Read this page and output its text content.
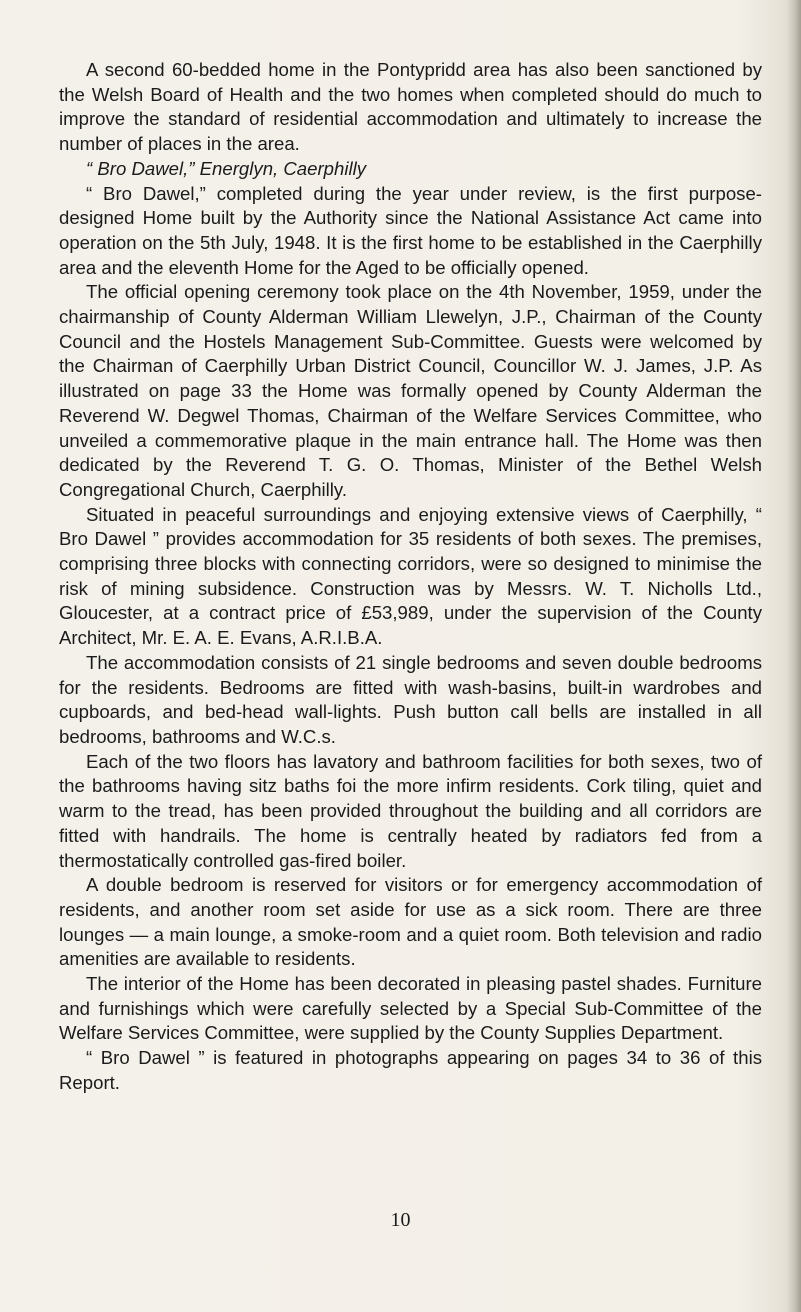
A second 60-bedded home in the Pontypridd area has also been sanctioned by the Welsh Board of Health and the two homes when completed should do much to improve the standard of residential accommodation and ultimately to increase the number of places in the area.

“ Bro Dawel,” Energlyn, Caerphilly

“ Bro Dawel,” completed during the year under review, is the first purpose-designed Home built by the Authority since the National Assistance Act came into operation on the 5th July, 1948. It is the first home to be established in the Caerphilly area and the eleventh Home for the Aged to be officially opened.

The official opening ceremony took place on the 4th November, 1959, under the chairmanship of County Alderman William Llewelyn, J.P., Chairman of the County Council and the Hostels Management Sub-Committee. Guests were welcomed by the Chairman of Caerphilly Urban District Council, Councillor W. J. James, J.P. As illustrated on page 33 the Home was formally opened by County Alderman the Reverend W. Degwel Thomas, Chairman of the Welfare Services Committee, who unveiled a commemorative plaque in the main entrance hall. The Home was then dedicated by the Reverend T. G. O. Thomas, Minister of the Bethel Welsh Congregational Church, Caerphilly.

Situated in peaceful surroundings and enjoying extensive views of Caerphilly, “ Bro Dawel ” provides accommodation for 35 residents of both sexes. The premises, comprising three blocks with connecting corridors, were so designed to minimise the risk of mining subsidence. Construction was by Messrs. W. T. Nicholls Ltd., Gloucester, at a contract price of £53,989, under the supervision of the County Architect, Mr. E. A. E. Evans, A.R.I.B.A.

The accommodation consists of 21 single bedrooms and seven double bedrooms for the residents. Bedrooms are fitted with wash-basins, built-in wardrobes and cupboards, and bed-head wall-lights. Push button call bells are installed in all bedrooms, bathrooms and W.C.s.

Each of the two floors has lavatory and bathroom facilities for both sexes, two of the bathrooms having sitz baths foi the more infirm residents. Cork tiling, quiet and warm to the tread, has been provided throughout the building and all corridors are fitted with handrails. The home is centrally heated by radiators fed from a thermostatically controlled gas-fired boiler.

A double bedroom is reserved for visitors or for emergency accommodation of residents, and another room set aside for use as a sick room. There are three lounges — a main lounge, a smoke-room and a quiet room. Both television and radio amenities are available to residents.

The interior of the Home has been decorated in pleasing pastel shades. Furniture and furnishings which were carefully selected by a Special Sub-Committee of the Welfare Services Committee, were supplied by the County Supplies Department.

“ Bro Dawel ” is featured in photographs appearing on pages 34 to 36 of this Report.

10
